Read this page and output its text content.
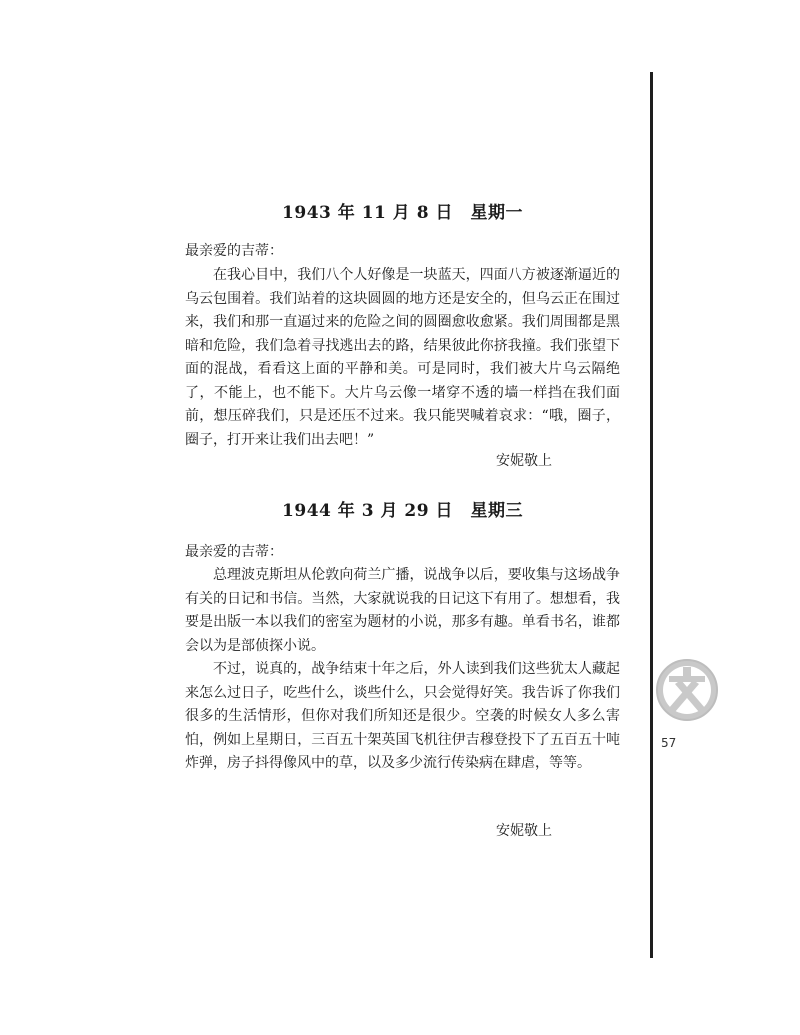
1943 年 11 月 8 日　星期一

最亲爱的吉蒂：

在我心目中，我们八个人好像是一块蓝天，四面八方被逐渐逼近的乌云包围着。我们站着的这块圆圆的地方还是安全的，但乌云正在围过来，我们和那一直逼过来的危险之间的圆圈愈收愈紧。我们周围都是黑暗和危险，我们急着寻找逃出去的路，结果彼此你挤我撞。我们张望下面的混战，看看这上面的平静和美。可是同时，我们被大片乌云隔绝了，不能上，也不能下。大片乌云像一堵穿不透的墙一样挡在我们面前，想压碎我们，只是还压不过来。我只能哭喊着哀求：“哦，圈子，圈子，打开来让我们出去吧！”

安妮敬上

1944 年 3 月 29 日　星期三

最亲爱的吉蒂：

总理波克斯坦从伦敦向荷兰广播，说战争以后，要收集与这场战争有关的日记和书信。当然，大家就说我的日记这下有用了。想想看，我要是出版一本以我们的密室为题材的小说，那多有趣。单看书名，谁都会以为是部侦探小说。

不过，说真的，战争结束十年之后，外人读到我们这些犹太人藏起来怎么过日子，吃些什么，谈些什么，只会觉得好笑。我告诉了你我们很多的生活情形，但你对我们所知还是很少。空袭的时候女人多么害怕，例如上星期日，三百五十架英国飞机往伊吉穆登投下了五百五十吨炸弹，房子抖得像风中的草，以及多少流行传染病在肆虐，等等。

安妮敬上

57
